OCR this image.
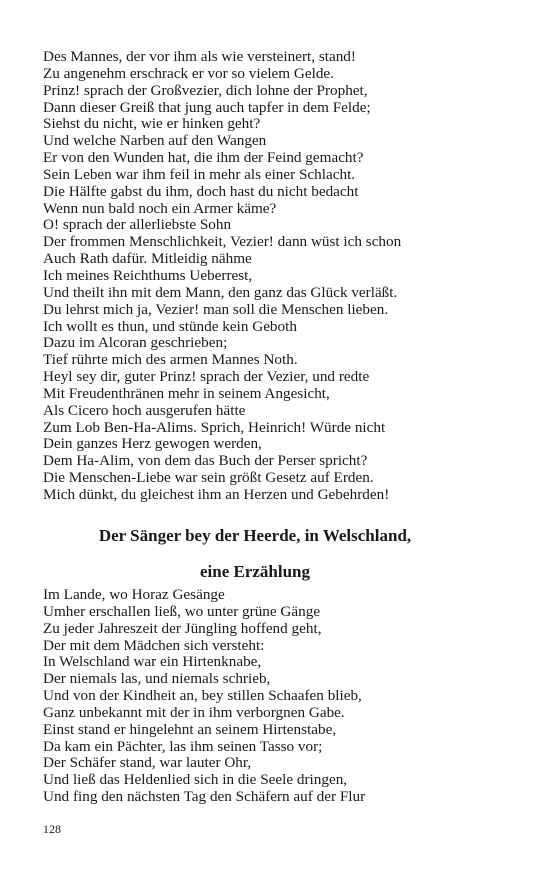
Des Mannes, der vor ihm als wie versteinert, stand!
Zu angenehm erschrack er vor so vielem Gelde.
Prinz! sprach der Großvezier, dich lohne der Prophet,
Dann dieser Greiß that jung auch tapfer in dem Felde;
Siehst du nicht, wie er hinken geht?
Und welche Narben auf den Wangen
Er von den Wunden hat, die ihm der Feind gemacht?
Sein Leben war ihm feil in mehr als einer Schlacht.
Die Hälfte gabst du ihm, doch hast du nicht bedacht
Wenn nun bald noch ein Armer käme?
O! sprach der allerliebste Sohn
Der frommen Menschlichkeit, Vezier! dann wüst ich schon
Auch Rath dafür. Mitleidig nähme
Ich meines Reichthums Ueberrest,
Und theilt ihn mit dem Mann, den ganz das Glück verläßt.
Du lehrst mich ja, Vezier! man soll die Menschen lieben.
Ich wollt es thun, und stünde kein Geboth
Dazu im Alcoran geschrieben;
Tief rührte mich des armen Mannes Noth.
Heyl sey dir, guter Prinz! sprach der Vezier, und redte
Mit Freudenthränen mehr in seinem Angesicht,
Als Cicero hoch ausgerufen hätte
Zum Lob Ben-Ha-Alims. Sprich, Heinrich! Würde nicht
Dein ganzes Herz gewogen werden,
Dem Ha-Alim, von dem das Buch der Perser spricht?
Die Menschen-Liebe war sein größt Gesetz auf Erden.
Mich dünkt, du gleichest ihm an Herzen und Gebehrden!
Der Sänger bey der Heerde, in Welschland,
eine Erzählung
Im Lande, wo Horaz Gesänge
Umher erschallen ließ, wo unter grüne Gänge
Zu jeder Jahreszeit der Jüngling hoffend geht,
Der mit dem Mädchen sich versteht:
In Welschland war ein Hirtenknabe,
Der niemals las, und niemals schrieb,
Und von der Kindheit an, bey stillen Schaafen blieb,
Ganz unbekannt mit der in ihm verborgnen Gabe.
Einst stand er hingelehnt an seinem Hirtenstabe,
Da kam ein Pächter, las ihm seinen Tasso vor;
Der Schäfer stand, war lauter Ohr,
Und ließ das Heldenlied sich in die Seele dringen,
Und fing den nächsten Tag den Schäfern auf der Flur
128
